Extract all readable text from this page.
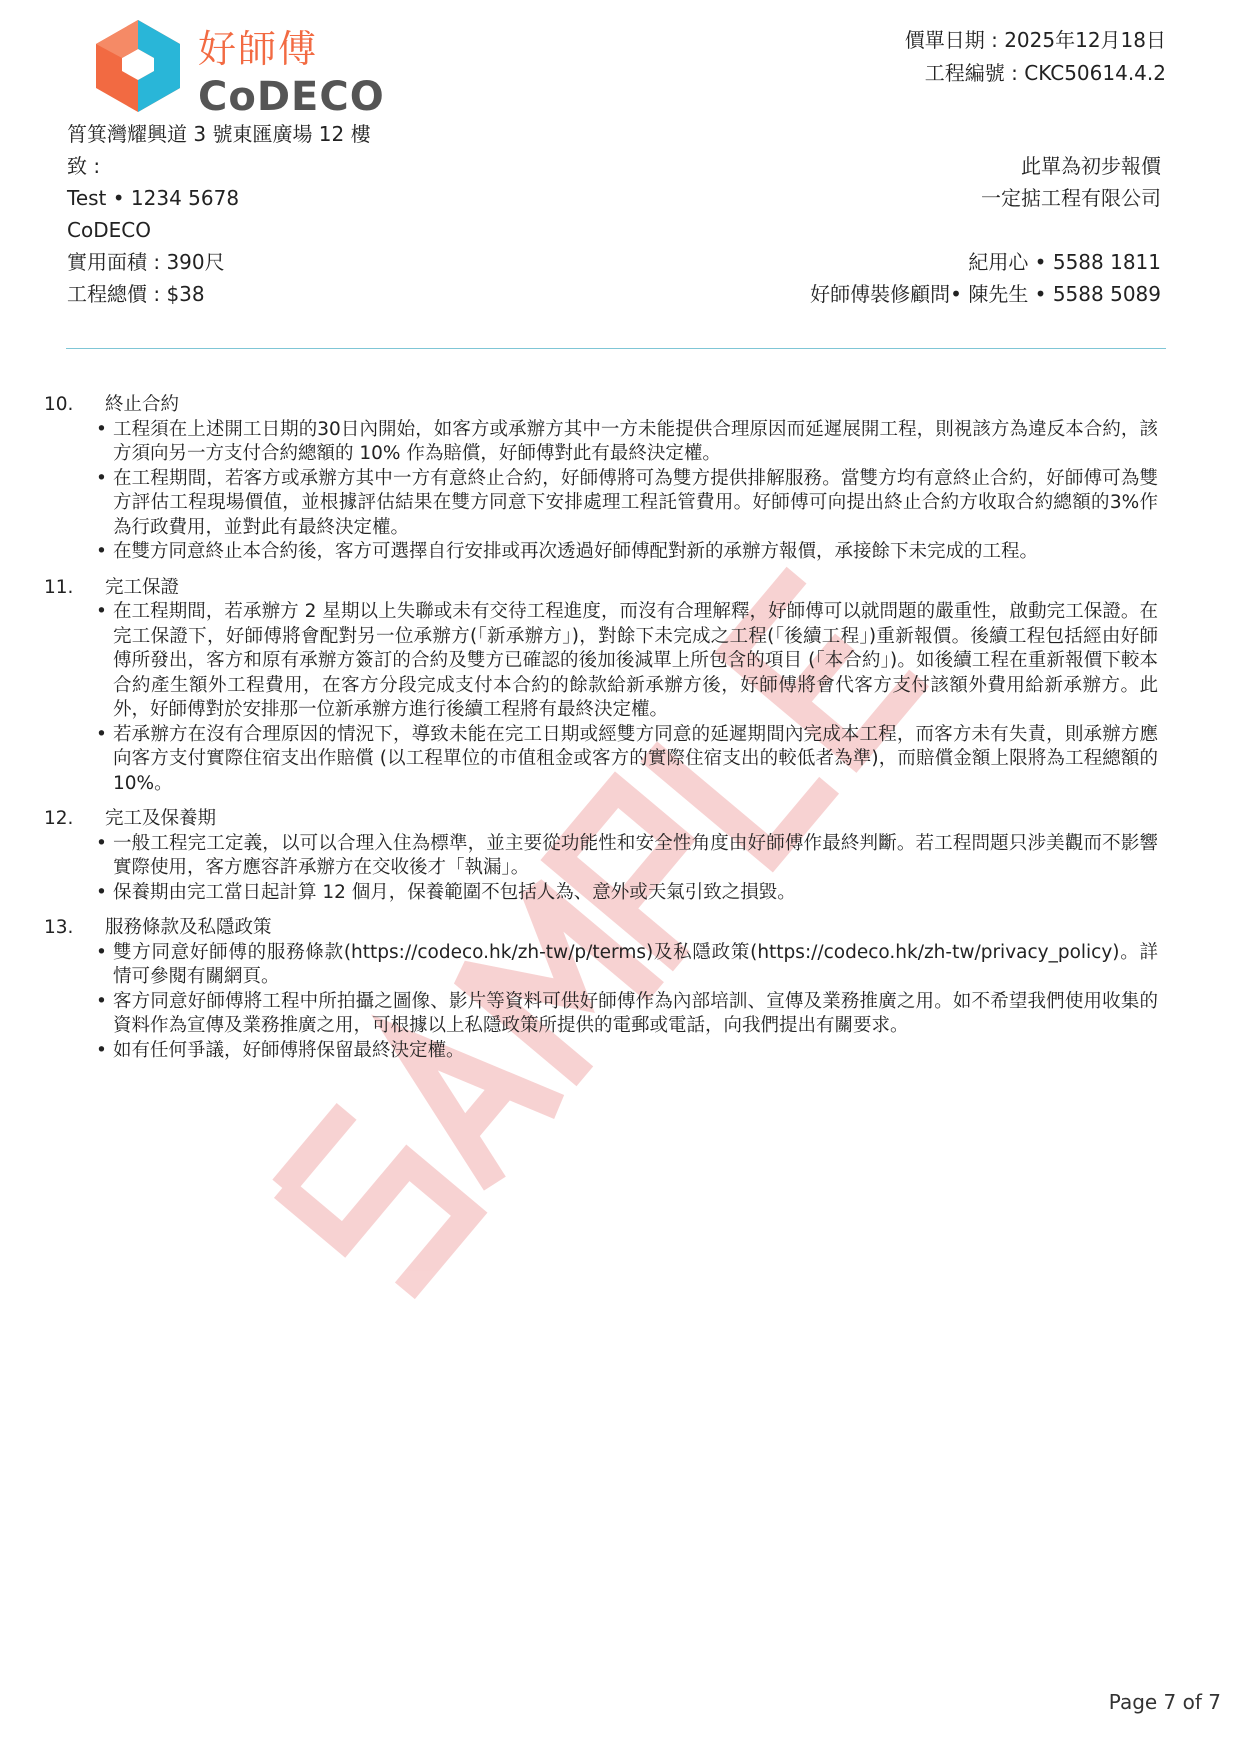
好師傅
CoDECO
價單日期 : 2025年12月18日
工程編號 : CKC50614.4.2
筲箕灣耀興道 3 號東匯廣場 12 樓
致 :
Test • 1234 5678
CoDECO
實用面積 : 390尺
工程總價 : $38
此單為初步報價
一定掂工程有限公司
紀用心 • 5588 1811
好師傅裝修顧問• 陳先生 • 5588 5089
10.	終止合約
• 工程須在上述開工日期的30日內開始，如客方或承辦方其中一方未能提供合理原因而延遲展開工程，則視該方為違反本合約，該方須向另一方支付合約總額的 10% 作為賠償，好師傅對此有最終決定權。
• 在工程期間，若客方或承辦方其中一方有意終止合約，好師傅將可為雙方提供排解服務。當雙方均有意終止合約，好師傅可為雙方評估工程現場價值，並根據評估結果在雙方同意下安排處理工程託管費用。好師傅可向提出終止合約方收取合約總額的3%作為行政費用，並對此有最終決定權。
• 在雙方同意終止本合約後，客方可選擇自行安排或再次透過好師傅配對新的承辦方報價，承接餘下未完成的工程。
11.	完工保證
• 在工程期間，若承辦方 2 星期以上失聯或未有交待工程進度，而沒有合理解釋，好師傅可以就問題的嚴重性，啟動完工保證。在完工保證下，好師傅將會配對另一位承辦方(「新承辦方」)，對餘下未完成之工程(「後續工程」)重新報價。後續工程包括經由好師傅所發出，客方和原有承辦方簽訂的合約及雙方已確認的後加後減單上所包含的項目 (「本合約」)。如後續工程在重新報價下較本合約產生額外工程費用，在客方分段完成支付本合約的餘款給新承辦方後，好師傅將會代客方支付該額外費用給新承辦方。此外，好師傅對於安排那一位新承辦方進行後續工程將有最終決定權。
• 若承辦方在沒有合理原因的情況下，導致未能在完工日期或經雙方同意的延遲期間內完成本工程，而客方未有失責，則承辦方應向客方支付實際住宿支出作賠償 (以工程單位的市值租金或客方的實際住宿支出的較低者為準)，而賠償金額上限將為工程總額的10%。
12.	完工及保養期
• 一般工程完工定義，以可以合理入住為標準，並主要從功能性和安全性角度由好師傅作最終判斷。若工程問題只涉美觀而不影響實際使用，客方應容許承辦方在交收後才「執漏」。
• 保養期由完工當日起計算 12 個月，保養範圍不包括人為、意外或天氣引致之損毀。
13.	服務條款及私隱政策
• 雙方同意好師傅的服務條款(https://codeco.hk/zh-tw/p/terms)及私隱政策(https://codeco.hk/zh-tw/privacy_policy)。詳情可參閱有關網頁。
• 客方同意好師傅將工程中所拍攝之圖像、影片等資料可供好師傅作為內部培訓、宣傳及業務推廣之用。如不希望我們使用收集的資料作為宣傳及業務推廣之用，可根據以上私隱政策所提供的電郵或電話，向我們提出有關要求。
• 如有任何爭議，好師傅將保留最終決定權。
Page 7 of 7
